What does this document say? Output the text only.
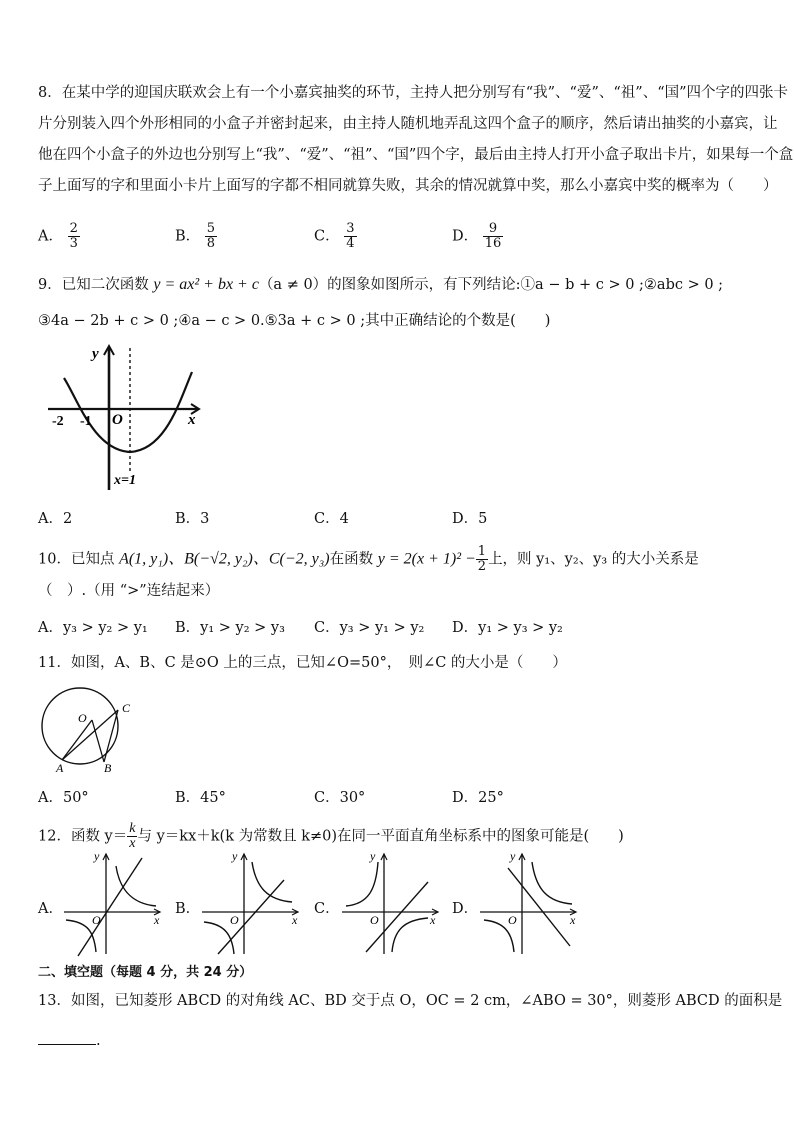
8．在某中学的迎国庆联欢会上有一个小嘉宾抽奖的环节，主持人把分别写有“我”、“爱”、“祖”、“国”四个字的四张卡
片分别装入四个外形相同的小盒子并密封起来，由主持人随机地弄乱这四个盒子的顺序，然后请出抽奖的小嘉宾，让
他在四个小盒子的外边也分别写上“我”、“爱”、“祖”、“国”四个字，最后由主持人打开小盒子取出卡片，如果每一个盒
子上面写的字和里面小卡片上面写的字都不相同就算失败，其余的情况就算中奖，那么小嘉宾中奖的概率为（　　）
A． $\frac{2}{3}$	B． $\frac{5}{8}$	C． $\frac{3}{4}$	D． $\frac{9}{16}$
9．已知二次函数 y = ax² + bx + c（a ≠ 0）的图象如图所示，有下列结论:①a − b + c > 0 ;②abc > 0 ;
③4a − 2b + c > 0 ;④a − c > 0.⑤3a + c > 0 ;其中正确结论的个数是(　　)
y
x
O
-2 -1
x=1
A．2	B．3	C．4	D．5
10．已知点 A(1, y₁)、B(−√2, y₂)、C(−2, y₃)在函数 $y = 2(x + 1)^2 - \frac{1}{2}$ 上，则 y₁、y₂、y₃ 的大小关系是
（　）.（用 “>”连结起来）
A．y₃ > y₂ > y₁ B．y₁ > y₂ > y₃ C．y₃ > y₁ > y₂ D．y₁ > y₃ > y₂
11．如图，A、B、C 是⊙O 上的三点，已知∠O=50°，　则∠C 的大小是（　　）
O
A	B
C
A．50°	B．45°	C．30°	D．25°
12．函数 $y= \frac{k}{x}$ 与 y＝kx＋k(k 为常数且 k≠0)在同一平面直角坐标系中的图象可能是(　　)
A．
y
x
O
B．
y
x
O
C．
y
x
O
D．
y
x
O
二、填空题（每题 4 分，共 24 分）
13．如图，已知菱形 ABCD 的对角线 AC、BD 交于点 O，OC = 2 cm，∠ABO = 30°，则菱形 ABCD 的面积是
.
